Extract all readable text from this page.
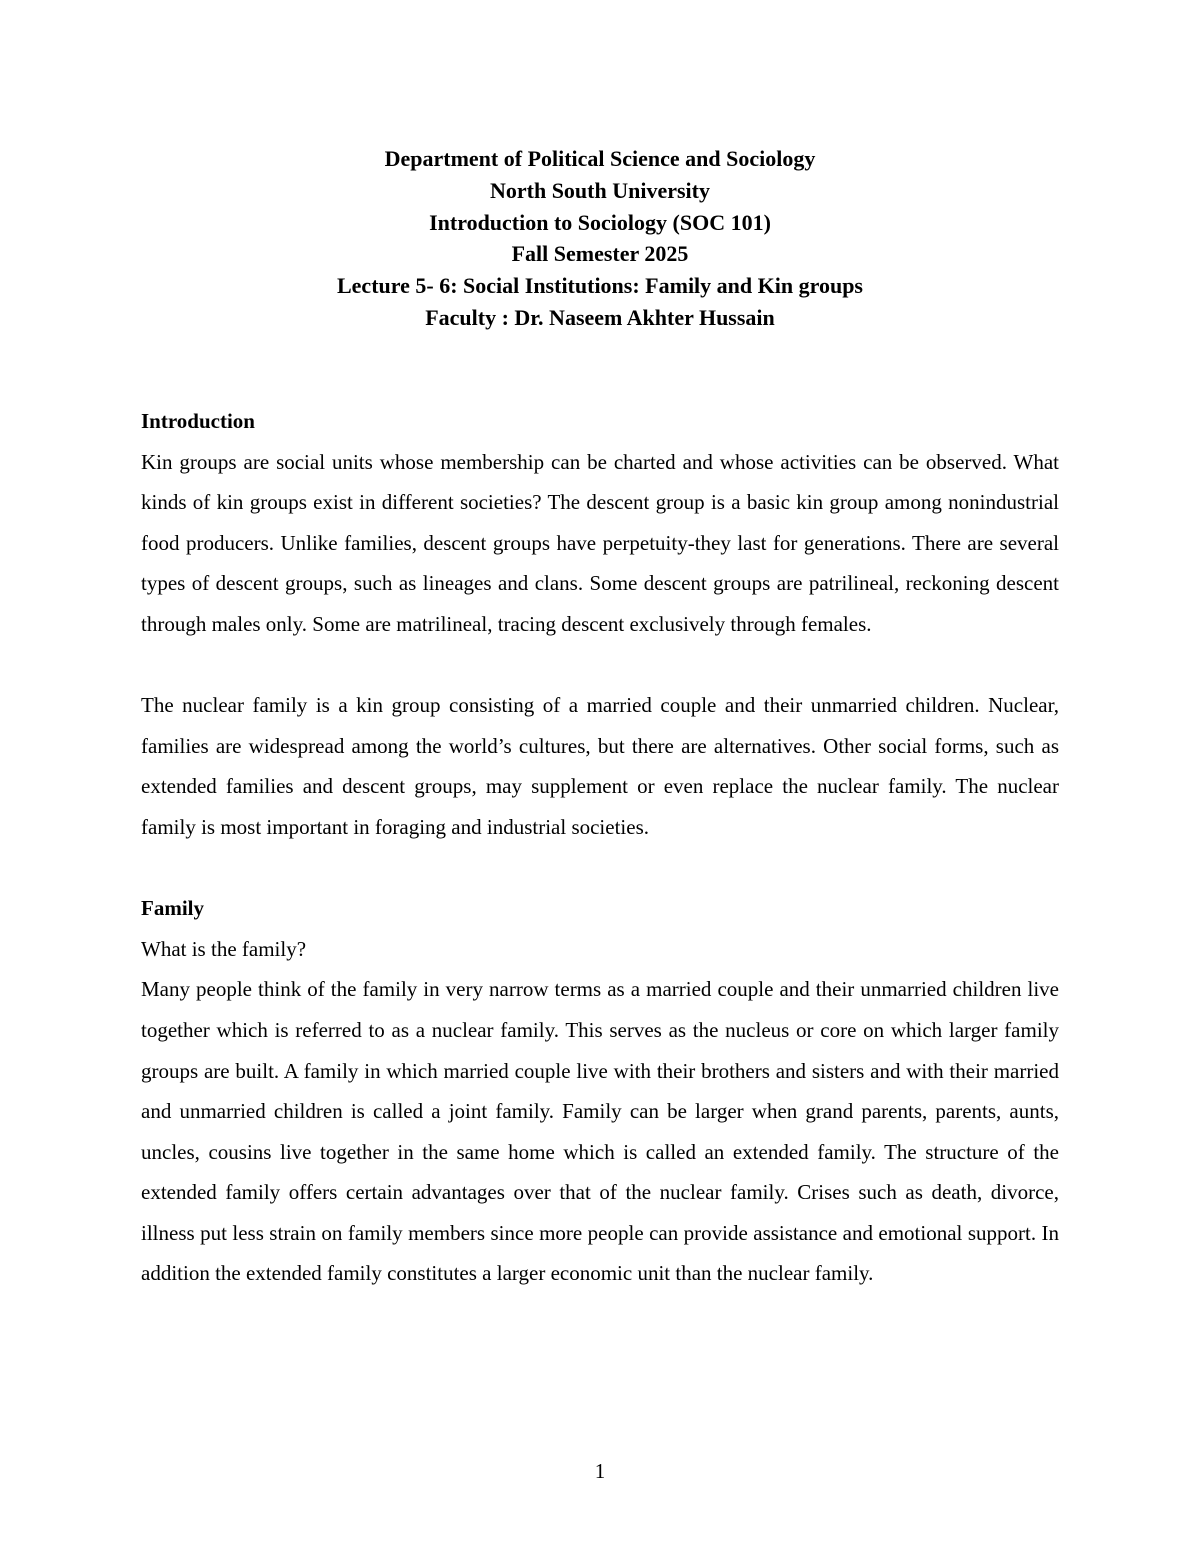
Department of Political Science and Sociology
North South University
Introduction to Sociology (SOC 101)
Fall Semester 2025
Lecture 5- 6: Social Institutions: Family and Kin groups
Faculty : Dr. Naseem Akhter Hussain

Introduction

Kin groups are social units whose membership can be charted and whose activities can be observed. What kinds of kin groups exist in different societies? The descent group is a basic kin group among nonindustrial food producers. Unlike families, descent groups have perpetuity-they last for generations. There are several types of descent groups, such as lineages and clans. Some descent groups are patrilineal, reckoning descent through males only. Some are matrilineal, tracing descent exclusively through females.

The nuclear family is a kin group consisting of a married couple and their unmarried children. Nuclear, families are widespread among the world’s cultures, but there are alternatives. Other social forms, such as extended families and descent groups, may supplement or even replace the nuclear family. The nuclear family is most important in foraging and industrial societies.

Family

What is the family?

Many people think of the family in very narrow terms as a married couple and their unmarried children live together which is referred to as a nuclear family. This serves as the nucleus or core on which larger family groups are built. A family in which married couple live with their brothers and sisters and with their married and unmarried children is called a joint family. Family can be larger when grand parents, parents, aunts, uncles, cousins live together in the same home which is called an extended family. The structure of the extended family offers certain advantages over that of the nuclear family. Crises such as death, divorce, illness put less strain on family members since more people can provide assistance and emotional support. In addition the extended family constitutes a larger economic unit than the nuclear family.

1
